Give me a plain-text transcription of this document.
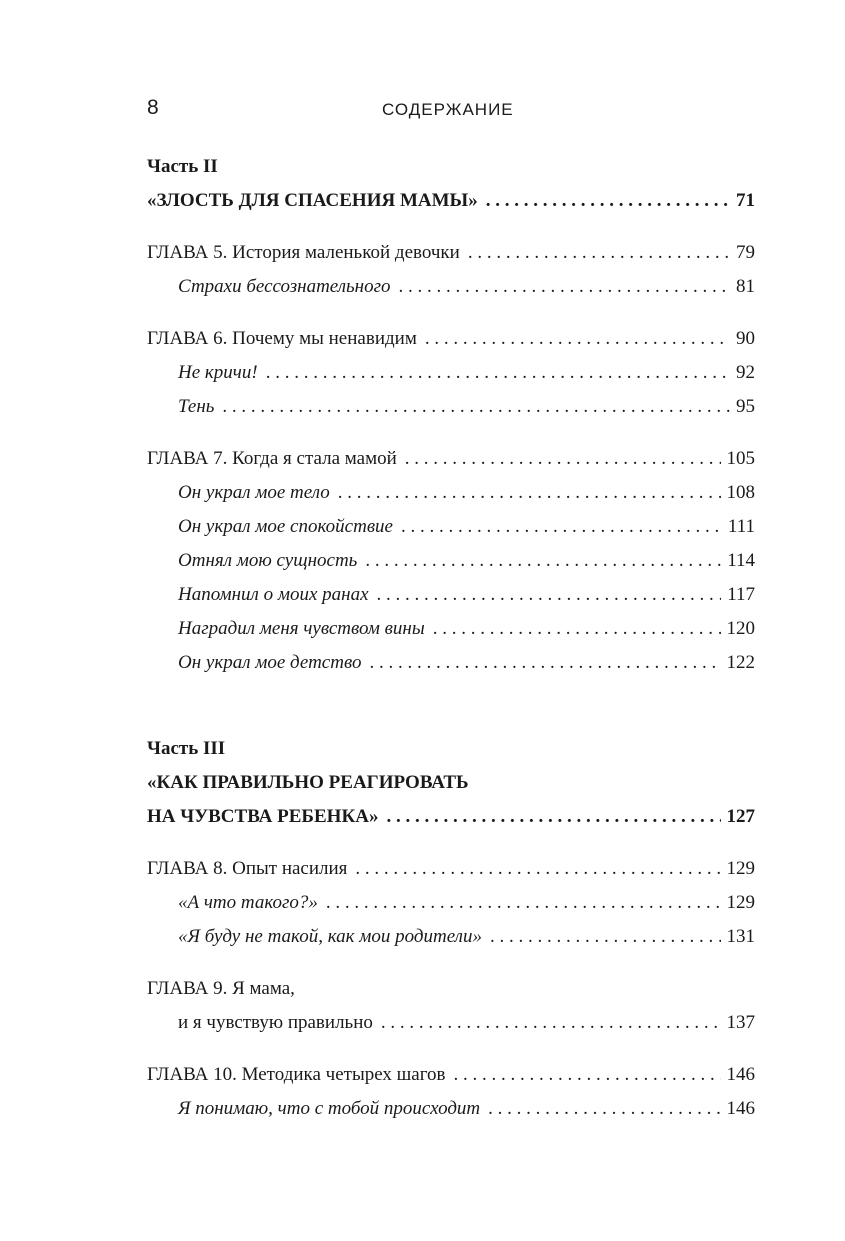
8	СОДЕРЖАНИЕ
Часть II
«ЗЛОСТЬ ДЛЯ СПАСЕНИЯ МАМЫ» . . .	71
ГЛАВА 5. История маленькой девочки . . .	79
Страхи бессознательного . . .	81
ГЛАВА 6. Почему мы ненавидим . . .	90
Не кричи! . . .	92
Тень . . .	95
ГЛАВА 7. Когда я стала мамой . . .	105
Он украл мое тело . . .	108
Он украл мое спокойствие . . .	111
Отнял мою сущность . . .	114
Напомнил о моих ранах . . .	117
Наградил меня чувством вины . . .	120
Он украл мое детство . . .	122
Часть III
«КАК ПРАВИЛЬНО РЕАГИРОВАТЬ
НА ЧУВСТВА РЕБЕНКА» . . .	127
ГЛАВА 8. Опыт насилия . . .	129
«А что такого?» . . .	129
«Я буду не такой, как мои родители» . . .	131
ГЛАВА 9. Я мама,
и я чувствую правильно . . .	137
ГЛАВА 10. Методика четырех шагов . . .	146
Я понимаю, что с тобой происходит . . .	146
